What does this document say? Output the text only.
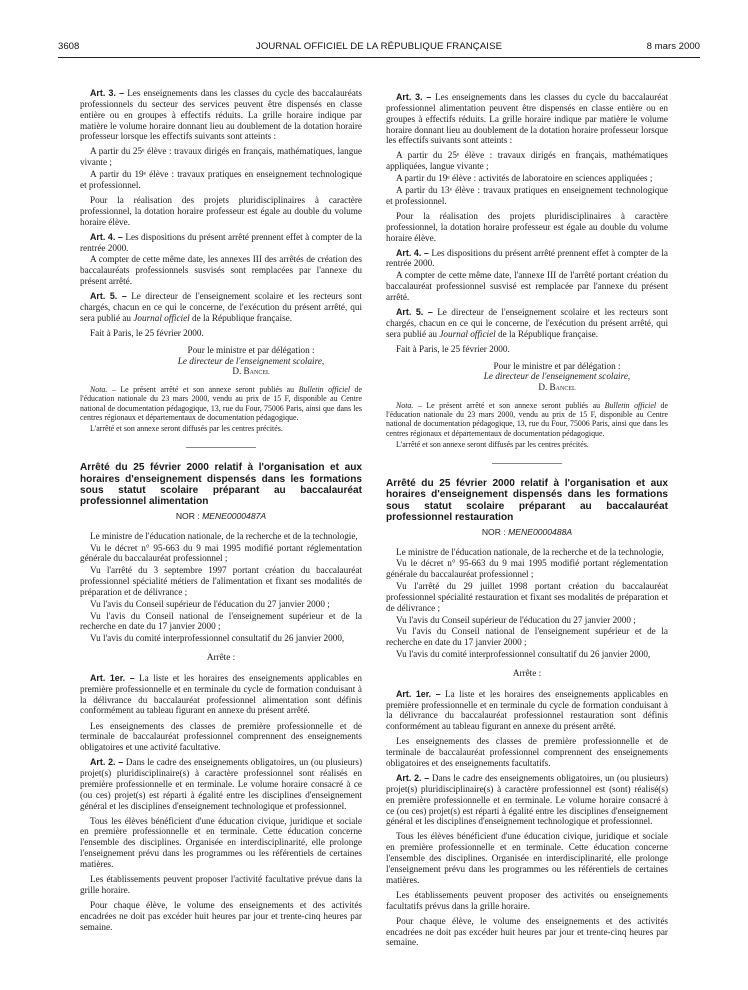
3608	JOURNAL OFFICIEL DE LA RÉPUBLIQUE FRANÇAISE	8 mars 2000

Art. 3. – Les enseignements dans les classes du cycle des baccalauréats professionnels du secteur des services peuvent être dispensés en classe entière ou en groupes à effectifs réduits. La grille horaire indique par matière le volume horaire donnant lieu au doublement de la dotation horaire professeur lorsque les effectifs suivants sont atteints :

A partir du 25ᵉ élève : travaux dirigés en français, mathématiques, langue vivante ;

A partir du 19ᵉ élève : travaux pratiques en enseignement technologique et professionnel.

Pour la réalisation des projets pluridisciplinaires à caractère professionnel, la dotation horaire professeur est égale au double du volume horaire élève.

Art. 4. – Les dispositions du présent arrêté prennent effet à compter de la rentrée 2000.

A compter de cette même date, les annexes III des arrêtés de création des baccalauréats professionnels susvisés sont remplacées par l'annexe du présent arrêté.

Art. 5. – Le directeur de l'enseignement scolaire et les recteurs sont chargés, chacun en ce qui le concerne, de l'exécution du présent arrêté, qui sera publié au Journal officiel de la République française.

Fait à Paris, le 25 février 2000.

Pour le ministre et par délégation :

Le directeur de l'enseignement scolaire,

D. Bancel

Nota. – Le présent arrêté et son annexe seront publiés au Bulletin officiel de l'éducation nationale du 23 mars 2000, vendu au prix de 15 F, disponible au Centre national de documentation pédagogique, 13, rue du Four, 75006 Paris, ainsi que dans les centres régionaux et départementaux de documentation pédagogique.

L'arrêté et son annexe seront diffusés par les centres précités.

Arrêté du 25 février 2000 relatif à l'organisation et aux horaires d'enseignement dispensés dans les formations sous statut scolaire préparant au baccalauréat professionnel alimentation

NOR : MENE0000487A

Le ministre de l'éducation nationale, de la recherche et de la technologie,

Vu le décret n° 95-663 du 9 mai 1995 modifié portant réglementation générale du baccalauréat professionnel ;

Vu l'arrêté du 3 septembre 1997 portant création du baccalauréat professionnel spécialité métiers de l'alimentation et fixant ses modalités de préparation et de délivrance ;

Vu l'avis du Conseil supérieur de l'éducation du 27 janvier 2000 ;

Vu l'avis du Conseil national de l'enseignement supérieur et de la recherche en date du 17 janvier 2000 ;

Vu l'avis du comité interprofessionnel consultatif du 26 janvier 2000,

Arrête :

Art. 1er. – La liste et les horaires des enseignements applicables en première professionnelle et en terminale du cycle de formation conduisant à la délivrance du baccalauréat professionnel alimentation sont définis conformément au tableau figurant en annexe du présent arrêté.

Les enseignements des classes de première professionnelle et de terminale de baccalauréat professionnel comprennent des enseignements obligatoires et une activité facultative.

Art. 2. – Dans le cadre des enseignements obligatoires, un (ou plusieurs) projet(s) pluridisciplinaire(s) à caractère professionnel sont réalisés en première professionnelle et en terminale. Le volume horaire consacré à ce (ou ces) projet(s) est réparti à égalité entre les disciplines d'enseignement général et les disciplines d'enseignement technologique et professionnel.

Tous les élèves bénéficient d'une éducation civique, juridique et sociale en première professionnelle et en terminale. Cette éducation concerne l'ensemble des disciplines. Organisée en interdisciplinarité, elle prolonge l'enseignement prévu dans les programmes ou les référentiels de certaines matières.

Les établissements peuvent proposer l'activité facultative prévue dans la grille horaire.

Pour chaque élève, le volume des enseignements et des activités encadrées ne doit pas excéder huit heures par jour et trente-cinq heures par semaine.

Art. 3. – Les enseignements dans les classes du cycle du baccalauréat professionnel alimentation peuvent être dispensés en classe entière ou en groupes à effectifs réduits. La grille horaire indique par matière le volume horaire donnant lieu au doublement de la dotation horaire professeur lorsque les effectifs suivants sont atteints :

A partir du 25ᵉ élève : travaux dirigés en français, mathématiques appliquées, langue vivante ;

A partir du 19ᵉ élève : activités de laboratoire en sciences appliquées ;

A partir du 13ᵉ élève : travaux pratiques en enseignement technologique et professionnel.

Pour la réalisation des projets pluridisciplinaires à caractère professionnel, la dotation horaire professeur est égale au double du volume horaire élève.

Art. 4. – Les dispositions du présent arrêté prennent effet à compter de la rentrée 2000.

A compter de cette même date, l'annexe III de l'arrêté portant création du baccalauréat professionnel susvisé est remplacée par l'annexe du présent arrêté.

Art. 5. – Le directeur de l'enseignement scolaire et les recteurs sont chargés, chacun en ce qui le concerne, de l'exécution du présent arrêté, qui sera publié au Journal officiel de la République française.

Fait à Paris, le 25 février 2000.

Pour le ministre et par délégation :

Le directeur de l'enseignement scolaire,

D. Bancel

Nota. – Le présent arrêté et son annexe seront publiés au Bulletin officiel de l'éducation nationale du 23 mars 2000, vendu au prix de 15 F, disponible au Centre national de documentation pédagogique, 13, rue du Four, 75006 Paris, ainsi que dans les centres régionaux et départementaux de documentation pédagogique.

L'arrêté et son annexe seront diffusés par les centres précités.

Arrêté du 25 février 2000 relatif à l'organisation et aux horaires d'enseignement dispensés dans les formations sous statut scolaire préparant au baccalauréat professionnel restauration

NOR : MENE0000488A

Le ministre de l'éducation nationale, de la recherche et de la technologie,

Vu le décret n° 95-663 du 9 mai 1995 modifié portant réglementation générale du baccalauréat professionnel ;

Vu l'arrêté du 29 juillet 1998 portant création du baccalauréat professionnel spécialité restauration et fixant ses modalités de préparation et de délivrance ;

Vu l'avis du Conseil supérieur de l'éducation du 27 janvier 2000 ;

Vu l'avis du Conseil national de l'enseignement supérieur et de la recherche en date du 17 janvier 2000 ;

Vu l'avis du comité interprofessionnel consultatif du 26 janvier 2000,

Arrête :

Art. 1er. – La liste et les horaires des enseignements applicables en première professionnelle et en terminale du cycle de formation conduisant à la délivrance du baccalauréat professionnel restauration sont définis conformément au tableau figurant en annexe du présent arrêté.

Les enseignements des classes de première professionnelle et de terminale de baccalauréat professionnel comprennent des enseignements obligatoires et des enseignements facultatifs.

Art. 2. – Dans le cadre des enseignements obligatoires, un (ou plusieurs) projet(s) pluridisciplinaire(s) à caractère professionnel est (sont) réalisé(s) en première professionnelle et en terminale. Le volume horaire consacré à ce (ou ces) projet(s) est réparti à égalité entre les disciplines d'enseignement général et les disciplines d'enseignement technologique et professionnel.

Tous les élèves bénéficient d'une éducation civique, juridique et sociale en première professionnelle et en terminale. Cette éducation concerne l'ensemble des disciplines. Organisée en interdisciplinarité, elle prolonge l'enseignement prévu dans les programmes ou les référentiels de certaines matières.

Les établissements peuvent proposer des activités ou enseignements facultatifs prévus dans la grille horaire.

Pour chaque élève, le volume des enseignements et des activités encadrées ne doit pas excéder huit heures par jour et trente-cinq heures par semaine.
